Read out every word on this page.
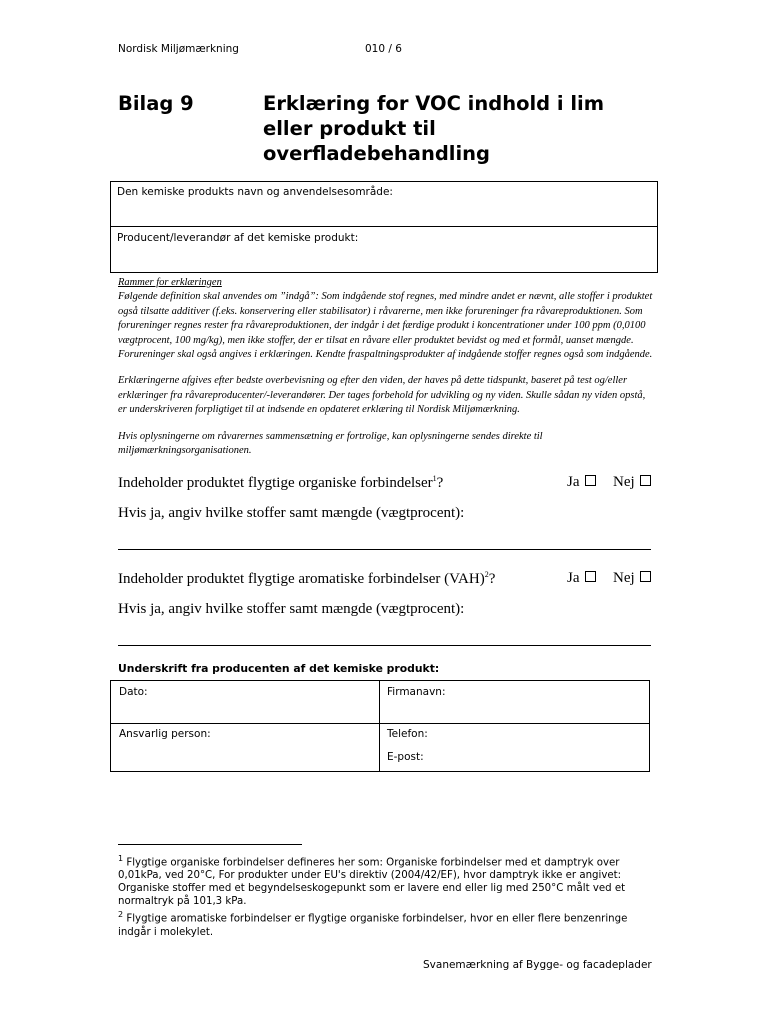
Nordisk Miljømærkning	010 / 6
Bilag 9	Erklæring for VOC indhold i lim
eller produkt til
overfladebehandling
Den kemiske produkts navn og anvendelsesområde:
Producent/leverandør af det kemiske produkt:
Rammer for erklæringen
Følgende definition skal anvendes om ”indgå”: Som indgående stof regnes, med mindre andet er nævnt, alle stoffer i produktet
også tilsatte additiver (f.eks. konservering eller stabilisator) i råvarerne, men ikke forureninger fra råvareproduktionen. Som
forureninger regnes rester fra råvareproduktionen, der indgår i det færdige produkt i koncentrationer under 100 ppm (0,0100
vægtprocent, 100 mg/kg), men ikke stoffer, der er tilsat en råvare eller produktet bevidst og med et formål, uanset mængde.
Forureninger skal også angives i erklæringen. Kendte fraspaltningsprodukter af indgående stoffer regnes også som indgående.
Erklæringerne afgives efter bedste overbevisning og efter den viden, der haves på dette tidspunkt, baseret på test og/eller
erklæringer fra råvareproducenter/-leverandører. Der tages forbehold for udvikling og ny viden. Skulle sådan ny viden opstå,
er underskriveren forpligtiget til at indsende en opdateret erklæring til Nordisk Miljømærkning.
Hvis oplysningerne om råvarernes sammensætning er fortrolige, kan oplysningerne sendes direkte til
miljømærkningsorganisationen.
Indeholder produktet flygtige organiske forbindelser$^1$?	Ja	Nej
Hvis ja, angiv hvilke stoffer samt mængde (vægtprocent):
Indeholder produktet flygtige aromatiske forbindelser (VAH)$^2$?	Ja	Nej
Hvis ja, angiv hvilke stoffer samt mængde (vægtprocent):
Underskrift fra producenten af det kemiske produkt:
Dato:	Firmanavn:
Ansvarlig person:	Telefon:
E-post:
$^1$ Flygtige organiske forbindelser defineres her som: Organiske forbindelser med et damptryk over
0,01kPa, ved 20°C, For produkter under EU's direktiv (2004/42/EF), hvor damptryk ikke er angivet:
Organiske stoffer med et begyndelseskogepunkt som er lavere end eller lig med 250°C målt ved et
normaltryk på 101,3 kPa.
$^2$ Flygtige aromatiske forbindelser er flygtige organiske forbindelser, hvor en eller flere benzenringe
indgår i molekylet.
Svanemærkning af Bygge- og facadeplader
